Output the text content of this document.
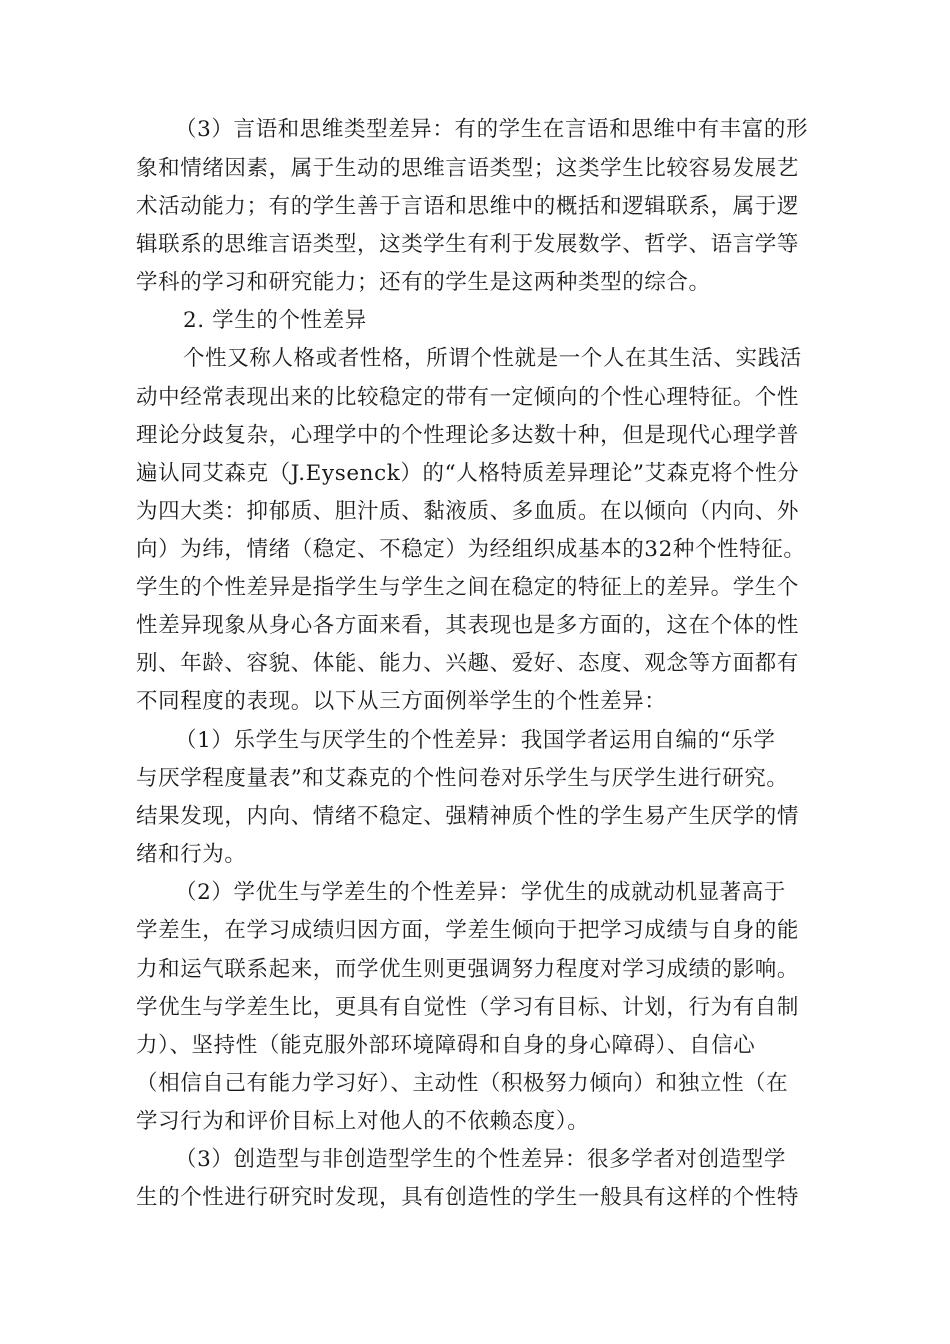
（3）言语和思维类型差异：有的学生在言语和思维中有丰富的形
象和情绪因素，属于生动的思维言语类型；这类学生比较容易发展艺
术活动能力；有的学生善于言语和思维中的概括和逻辑联系，属于逻
辑联系的思维言语类型，这类学生有利于发展数学、哲学、语言学等
学科的学习和研究能力；还有的学生是这两种类型的综合。
2. 学生的个性差异
个性又称人格或者性格，所谓个性就是一个人在其生活、实践活
动中经常表现出来的比较稳定的带有一定倾向的个性心理特征。个性
理论分歧复杂，心理学中的个性理论多达数十种，但是现代心理学普
遍认同艾森克（J.Eysenck）的“人格特质差异理论”艾森克将个性分
为四大类：抑郁质、胆汁质、黏液质、多血质。在以倾向（内向、外
向）为纬，情绪（稳定、不稳定）为经组织成基本的32种个性特征。
学生的个性差异是指学生与学生之间在稳定的特征上的差异。学生个
性差异现象从身心各方面来看，其表现也是多方面的，这在个体的性
别、年龄、容貌、体能、能力、兴趣、爱好、态度、观念等方面都有
不同程度的表现。以下从三方面例举学生的个性差异：
（1）乐学生与厌学生的个性差异：我国学者运用自编的“乐学
与厌学程度量表”和艾森克的个性问卷对乐学生与厌学生进行研究。
结果发现，内向、情绪不稳定、强精神质个性的学生易产生厌学的情
绪和行为。
（2）学优生与学差生的个性差异：学优生的成就动机显著高于
学差生，在学习成绩归因方面，学差生倾向于把学习成绩与自身的能
力和运气联系起来，而学优生则更强调努力程度对学习成绩的影响。
学优生与学差生比，更具有自觉性（学习有目标、计划，行为有自制
力）、坚持性（能克服外部环境障碍和自身的身心障碍）、自信心
（相信自己有能力学习好）、主动性（积极努力倾向）和独立性（在
学习行为和评价目标上对他人的不依赖态度）。
（3）创造型与非创造型学生的个性差异：很多学者对创造型学
生的个性进行研究时发现，具有创造性的学生一般具有这样的个性特
